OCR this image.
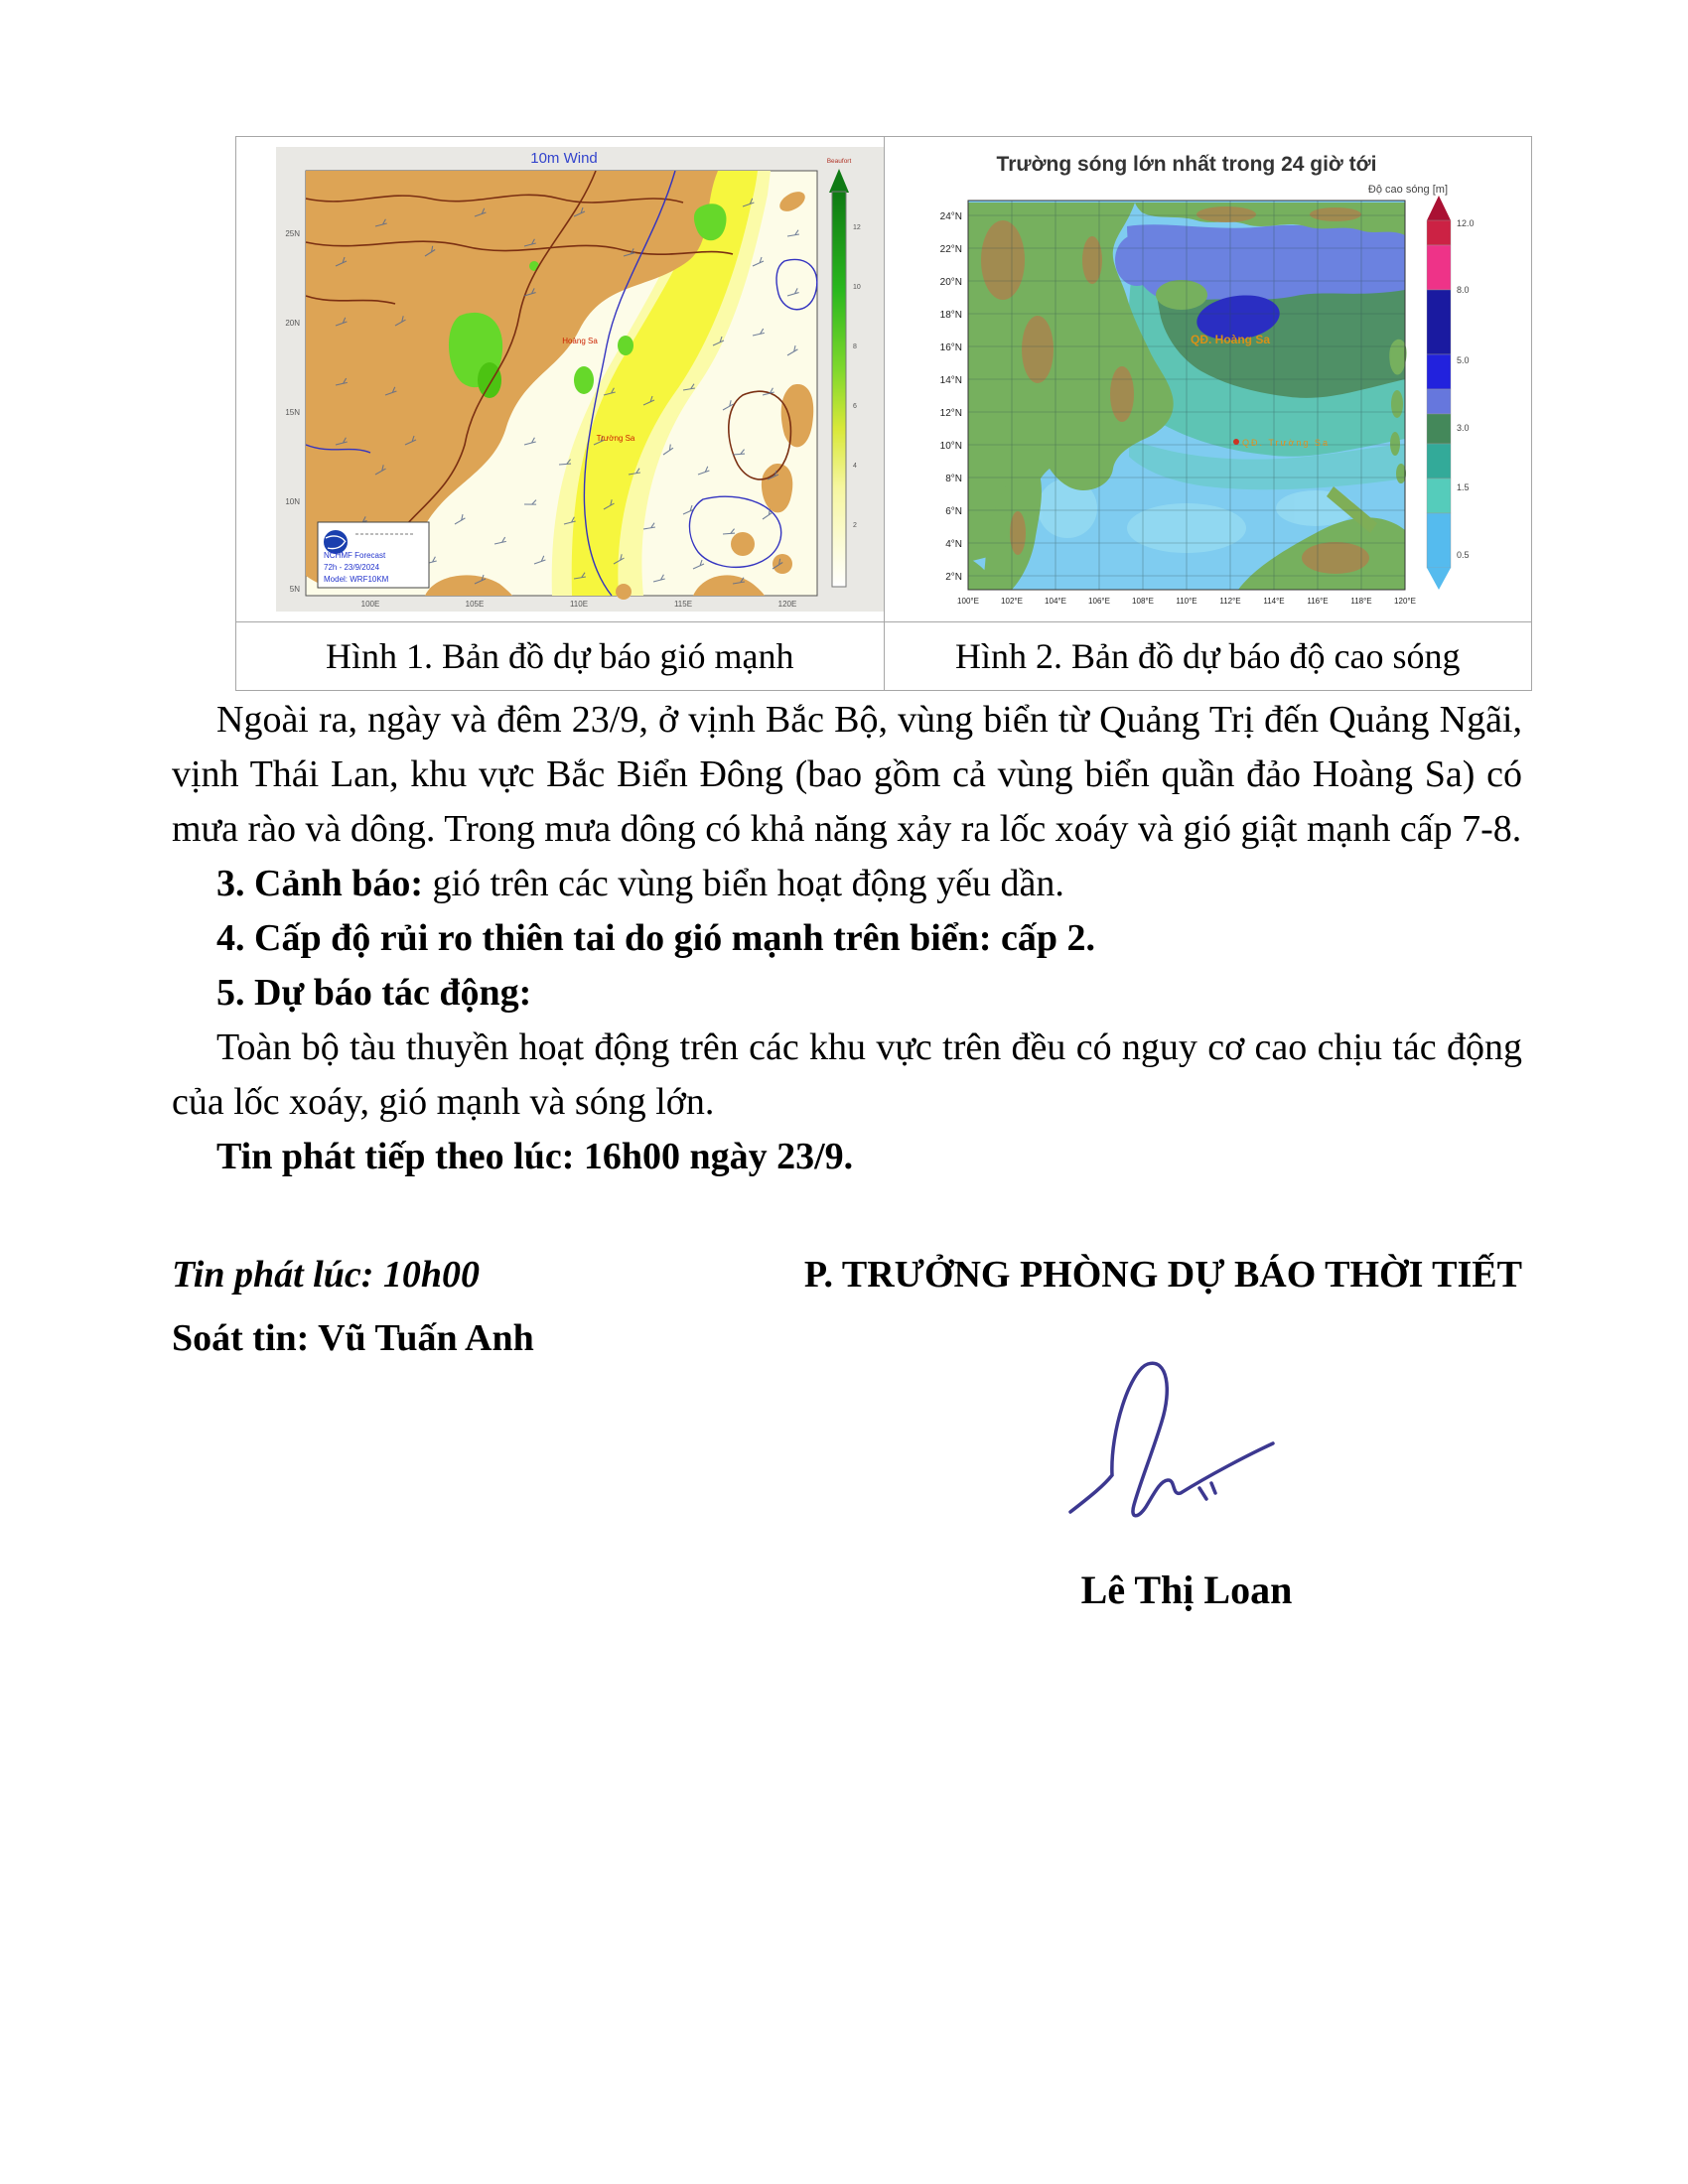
10m Wind
Hoàng Sa
Trường Sa
NCHMF Forecast
72h - 23/9/2024
Model: WRF10KM
Beaufort
12
10
8
6
4
2
25N
20N
15N
10N
5N
100E	105E	110E	115E	120E

Trường sóng lớn nhất trong 24 giờ tới
Độ cao sóng [m]
QĐ. Hoàng Sa
QĐ. Trường Sa
24°N
22°N
20°N
18°N
16°N
14°N
12°N
10°N
8°N
6°N
4°N
2°N
100°E	102°E	104°E	106°E	108°E	110°E	112°E	114°E	116°E	118°E	120°E
12.0
8.0
5.0
3.0
1.5
0.5

Hình 1. Bản đồ dự báo gió mạnh	Hình 2. Bản đồ dự báo độ cao sóng

Ngoài ra, ngày và đêm 23/9, ở vịnh Bắc Bộ, vùng biển từ Quảng Trị đến Quảng Ngãi, vịnh Thái Lan, khu vực Bắc Biển Đông (bao gồm cả vùng biển quần đảo Hoàng Sa) có mưa rào và dông. Trong mưa dông có khả năng xảy ra lốc xoáy và gió giật mạnh cấp 7-8.

3. Cảnh báo: gió trên các vùng biển hoạt động yếu dần.

4. Cấp độ rủi ro thiên tai do gió mạnh trên biển: cấp 2.

5. Dự báo tác động:

Toàn bộ tàu thuyền hoạt động trên các khu vực trên đều có nguy cơ cao chịu tác động của lốc xoáy, gió mạnh và sóng lớn.

Tin phát tiếp theo lúc: 16h00 ngày 23/9.

Tin phát lúc: 10h00	P. TRƯỞNG PHÒNG DỰ BÁO THỜI TIẾT
Soát tin: Vũ Tuấn Anh
Lê Thị Loan
